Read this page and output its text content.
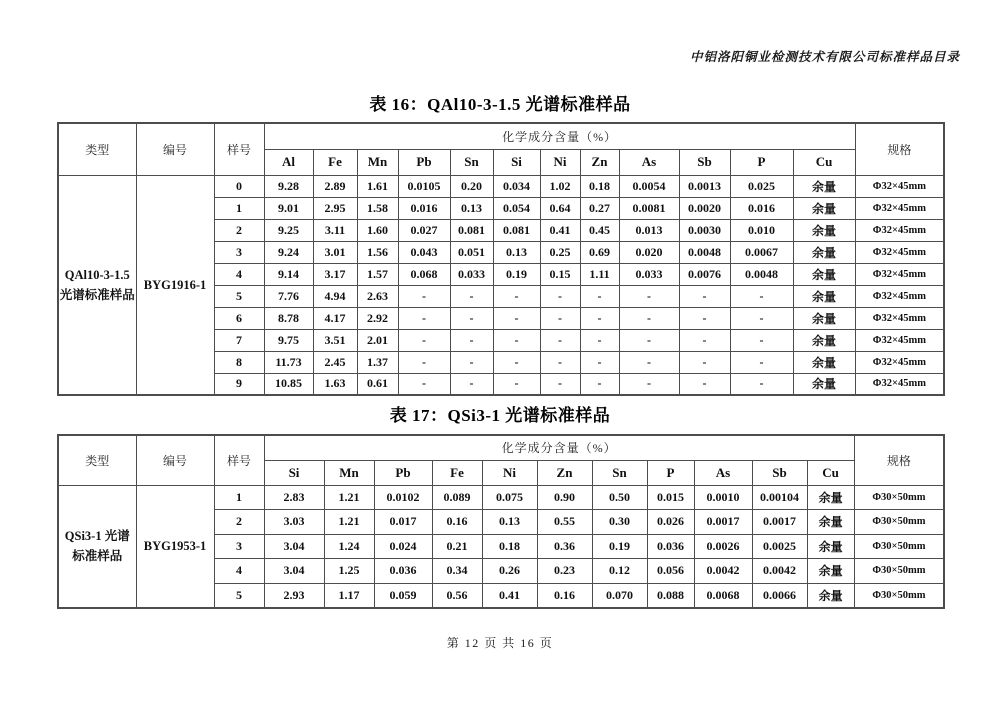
中铝洛阳铜业检测技术有限公司标准样品目录
表 16：QAl10-3-1.5 光谱标准样品
类型	编号	样号	化学成分含量（%）												规格
			Al	Fe	Mn	Pb	Sn	Si	Ni	Zn	As	Sb	P	Cu	
QAl10-3-1.5 光谱标准样品	BYG1916-1	0	9.28	2.89	1.61	0.0105	0.20	0.034	1.02	0.18	0.0054	0.0013	0.025	余量	Φ32×45mm
		1	9.01	2.95	1.58	0.016	0.13	0.054	0.64	0.27	0.0081	0.0020	0.016	余量	Φ32×45mm
		2	9.25	3.11	1.60	0.027	0.081	0.081	0.41	0.45	0.013	0.0030	0.010	余量	Φ32×45mm
		3	9.24	3.01	1.56	0.043	0.051	0.13	0.25	0.69	0.020	0.0048	0.0067	余量	Φ32×45mm
		4	9.14	3.17	1.57	0.068	0.033	0.19	0.15	1.11	0.033	0.0076	0.0048	余量	Φ32×45mm
		5	7.76	4.94	2.63	-	-	-	-	-	-	-	-	余量	Φ32×45mm
		6	8.78	4.17	2.92	-	-	-	-	-	-	-	-	余量	Φ32×45mm
		7	9.75	3.51	2.01	-	-	-	-	-	-	-	-	余量	Φ32×45mm
		8	11.73	2.45	1.37	-	-	-	-	-	-	-	-	余量	Φ32×45mm
		9	10.85	1.63	0.61	-	-	-	-	-	-	-	-	余量	Φ32×45mm
表 17：QSi3-1 光谱标准样品
类型	编号	样号	化学成分含量（%）											规格
			Si	Mn	Pb	Fe	Ni	Zn	Sn	P	As	Sb	Cu	
QSi3-1 光谱标准样品	BYG1953-1	1	2.83	1.21	0.0102	0.089	0.075	0.90	0.50	0.015	0.0010	0.00104	余量	Φ30×50mm
		2	3.03	1.21	0.017	0.16	0.13	0.55	0.30	0.026	0.0017	0.0017	余量	Φ30×50mm
		3	3.04	1.24	0.024	0.21	0.18	0.36	0.19	0.036	0.0026	0.0025	余量	Φ30×50mm
		4	3.04	1.25	0.036	0.34	0.26	0.23	0.12	0.056	0.0042	0.0042	余量	Φ30×50mm
		5	2.93	1.17	0.059	0.56	0.41	0.16	0.070	0.088	0.0068	0.0066	余量	Φ30×50mm
第 12 页 共 16 页
